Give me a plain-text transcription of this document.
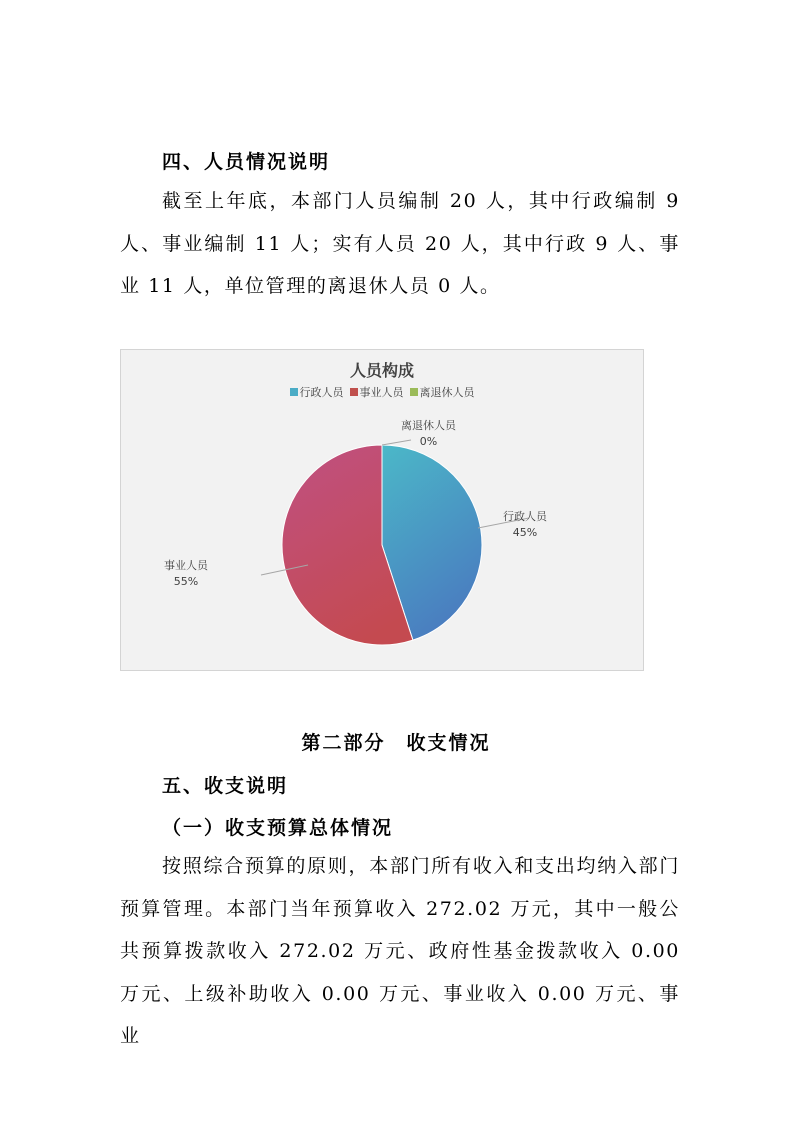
四、人员情况说明
截至上年底，本部门人员编制 20 人，其中行政编制 9 人、事业编制 11 人；实有人员 20 人，其中行政 9 人、事业 11 人，单位管理的离退休人员 0 人。
人员构成
行政人员 事业人员 离退休人员
行政人员
45%
事业人员
55%
离退休人员
0%
第二部分　收支情况
五、收支说明
（一）收支预算总体情况
按照综合预算的原则，本部门所有收入和支出均纳入部门预算管理。本部门当年预算收入 272.02 万元，其中一般公共预算拨款收入 272.02 万元、政府性基金拨款收入 0.00 万元、上级补助收入 0.00 万元、事业收入 0.00 万元、事业
